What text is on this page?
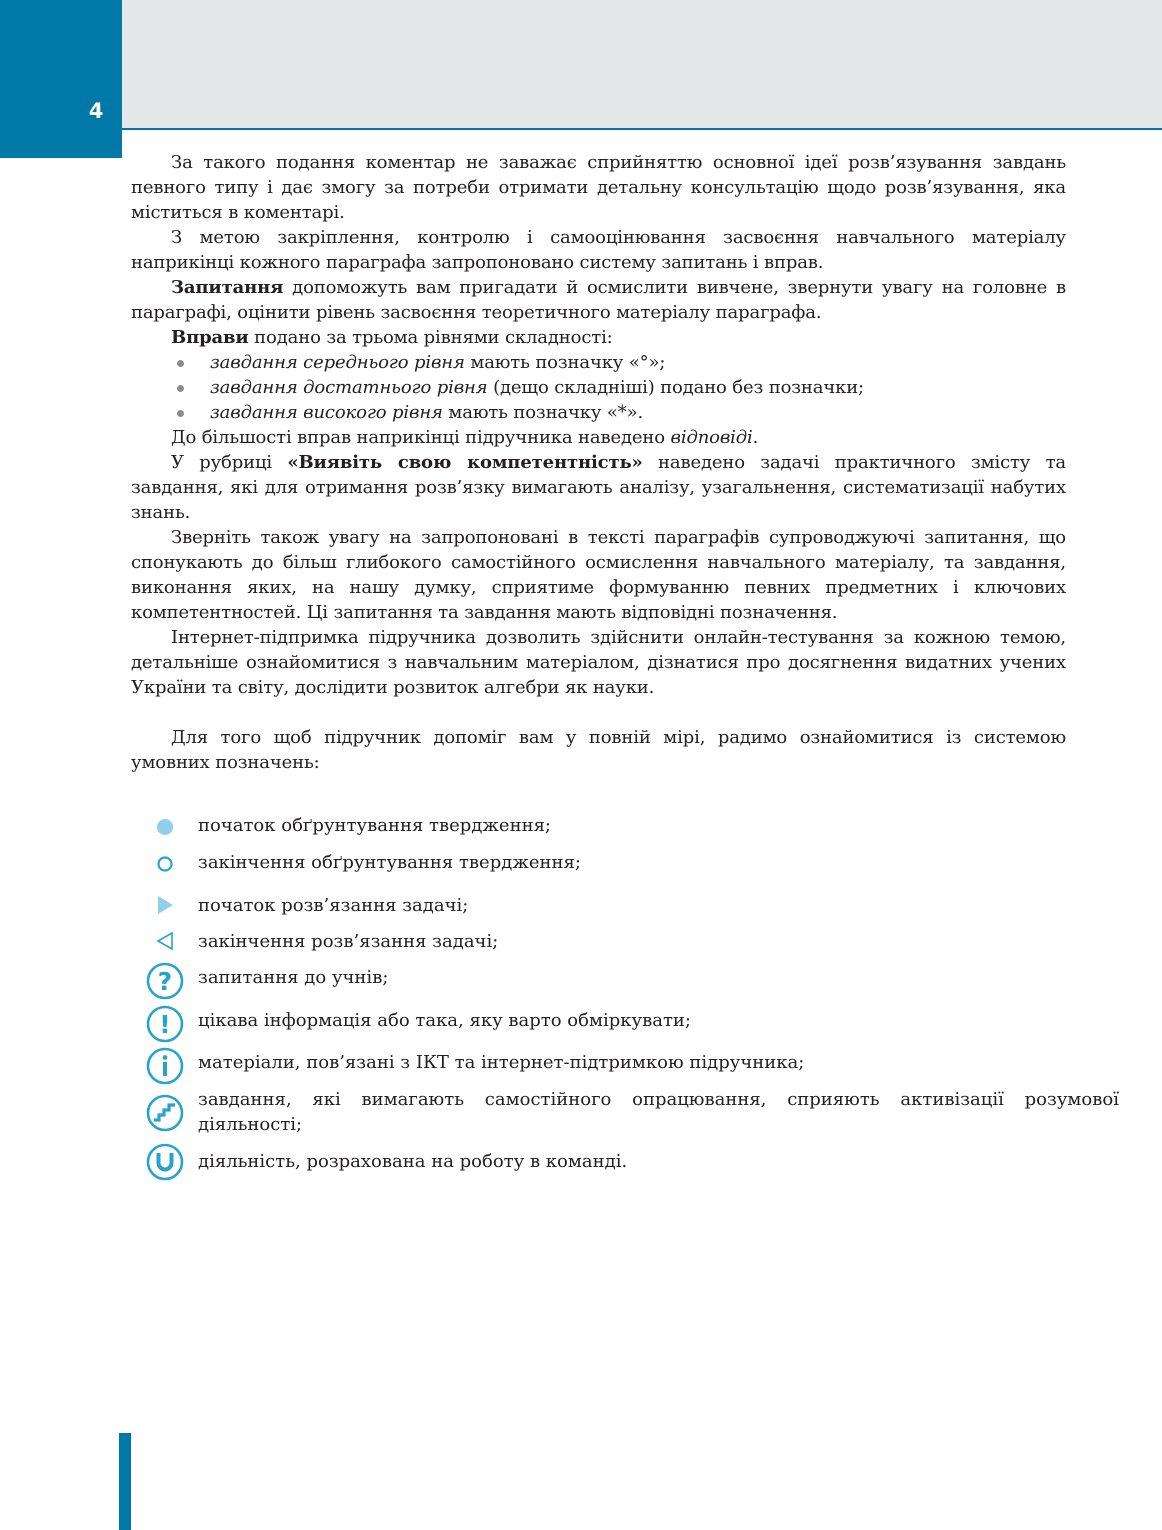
4

За такого подання коментар не заважає сприйняттю основної ідеї розв’язування завдань певного типу і дає змогу за потреби отримати детальну консультацію щодо розв’язування, яка міститься в коментарі.

З метою закріплення, контролю і самооцінювання засвоєння навчального матеріалу наприкінці кожного параграфа запропоновано систему запитань і вправ.

Запитання допоможуть вам пригадати й осмислити вивчене, звернути увагу на головне в параграфі, оцінити рівень засвоєння теоретичного матеріалу параграфа.

Вправи подано за трьома рівнями складності:

завдання середнього рівня мають позначку «°»;
завдання достатнього рівня (дещо складніші) подано без позначки;
завдання високого рівня мають позначку «*».

До більшості вправ наприкінці підручника наведено відповіді.

У рубриці «Виявіть свою компетентність» наведено задачі практичного змісту та завдання, які для отримання розв’язку вимагають аналізу, узагальнення, систематизації набутих знань.

Зверніть також увагу на запропоновані в тексті параграфів супроводжуючі запитання, що спонукають до більш глибокого самостійного осмислення навчального матеріалу, та завдання, виконання яких, на нашу думку, сприятиме формуванню певних предметних і ключових компетентностей. Ці запитання та завдання мають відповідні позначення.

Інтернет-підпримка підручника дозволить здійснити онлайн-тестування за кожною темою, детальніше ознайомитися з навчальним матеріалом, дізнатися про досягнення видатних учених України та світу, дослідити розвиток алгебри як науки.

Для того щоб підручник допоміг вам у повній мірі, радимо ознайомитися із системою умовних позначень:

початок обґрунтування твердження;
закінчення обґрунтування твердження;
початок розв’язання задачі;
закінчення розв’язання задачі;
? запитання до учнів;
! цікава інформація або така, яку варто обміркувати;
матеріали, пов’язані з ІКТ та інтернет-підтримкою підручника;
завдання, які вимагають самостійного опрацювання, сприяють активізації розумової діяльності;
діяльність, розрахована на роботу в команді.
